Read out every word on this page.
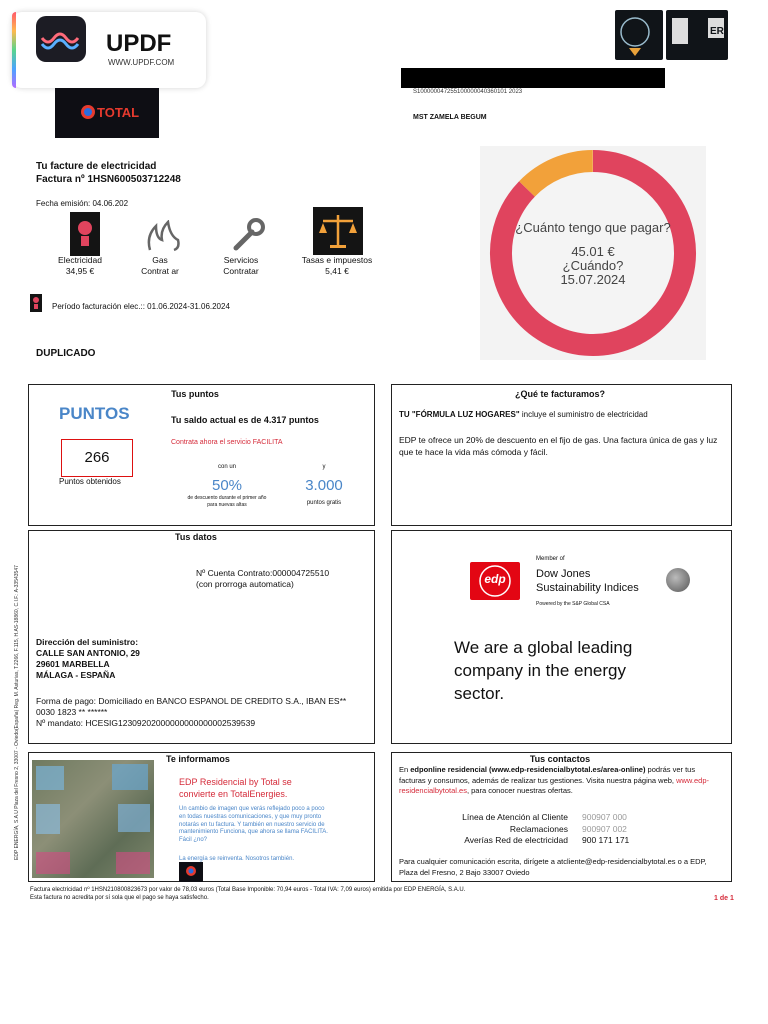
UPDF
WWW.UPDF.COM
TOTAL
S100000047255100000040360101 2023
MST ZAMELA BEGUM
ER
Tu facture de electricidad
Factura nº 1HSN600503712248
Fecha emisión: 04.06.202
Electricidad
34,95 €
Gas
Contrat ar
Servicios
Contratar
Tasas e impuestos
5,41 €
Período facturación elec.:: 01.06.2024-31.06.2024
DUPLICADO
¿Cuánto tengo que pagar?
45.01 €
¿Cuándo?
15.07.2024
Tus puntos
PUNTOS	Tu saldo actual es de 4.317 puntos
266
Puntos obtenidos
Contrata ahora el servicio FACILITA
con un	y
50%	3.000
de descuento durante el primer año para nuevas altas	puntos gratis
¿Qué te facturamos?
TU "FÓRMULA LUZ HOGARES" incluye el suministro de electricidad
EDP te ofrece un 20% de descuento en el fijo de gas. Una factura única de gas y luz que te hace la vida más cómoda y fácil.
Tus datos
Nº Cuenta Contrato:000004725510
(con prorroga automatica)
Dirección del suministro:
CALLE SAN ANTONIO, 29
29601 MARBELLA
MÁLAGA - ESPAÑA
Forma de pago: Domiciliado en BANCO ESPANOL DE CREDITO S.A., IBAN ES** 0030 1823 ** ******
Nº mandato: HCESIG12309202000000000000002539539
Member of
edp	Dow Jones
Sustainability Indices
Powered by the S&P Global CSA
We are a global leading company in the energy sector.
Te informamos
EDP Residencial by Total se convierte en TotalEnergies.
Un cambio de imagen que verás reflejado poco a poco en todas nuestras comunicaciones, y que muy pronto notarás en tu factura. Y también en nuestro servicio de mantenimiento Funciona, que ahora se llama FACILITA. Fácil ¿no?
La energía se reinventa. Nosotros también.
Tus contactos
En edponline residencial (www.edp-residencialbytotal.es/area-online) podrás ver tus facturas y consumos, además de realizar tus gestiones. Visita nuestra página web, www.edp-residencialbytotal.es, para conocer nuestras ofertas.
Línea de Atención al Cliente 900907 000
Reclamaciones 900907 002
Averías Red de electricidad 900 171 171
Para cualquier comunicación escrita, dirígete a atcliente@edp-residencialbytotal.es o a EDP, Plaza del Fresno, 2 Bajo 33007 Oviedo
Factura electricidad nº 1HSN210800823673 por valor de 78,03 euros (Total Base Imponible: 70,94 euros - Total IVA: 7,09 euros) emitida por EDP ENERGÍA, S.A.U.
Esta factura no acredita por sí sola que el pago se haya satisfecho.	1 de 1
EDP ENERGÍA, S.A.U Plaza del Fresno 2, 33007 - Oviedo(España) Reg. M. Asturias, T.2266, F.115, H.AS-18860, C.I.F.: A-33543547
